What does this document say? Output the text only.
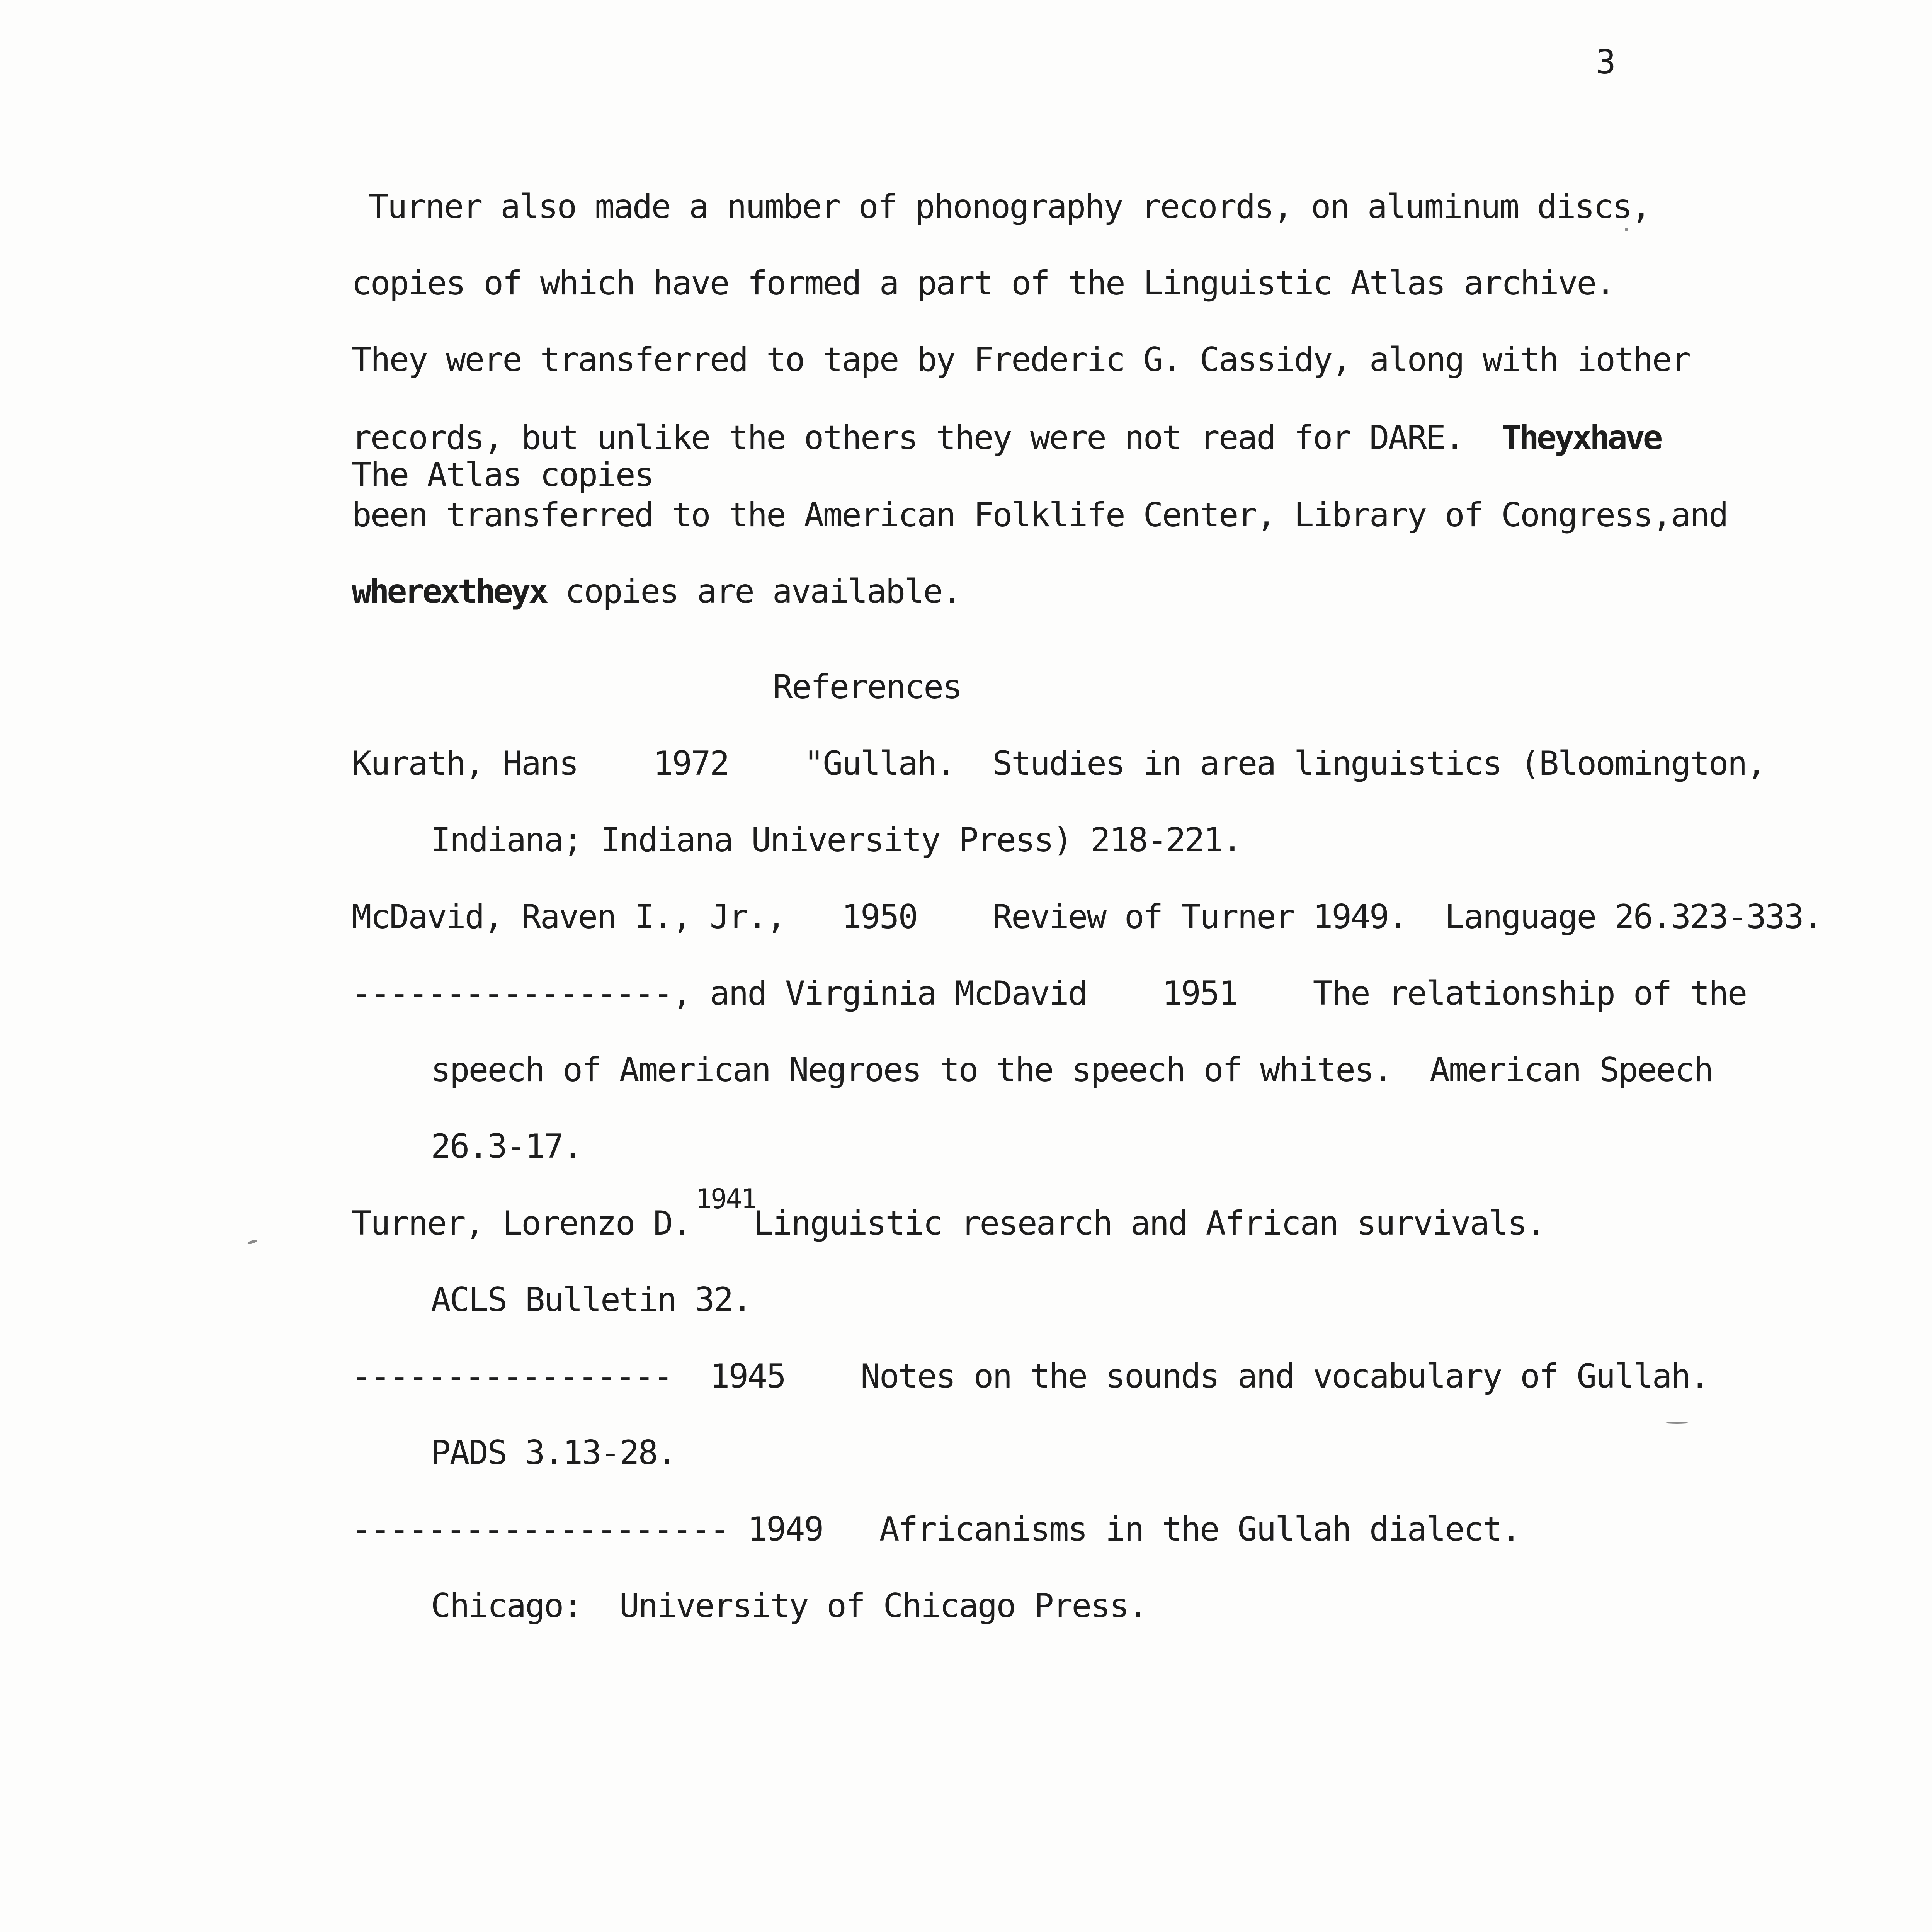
3
Turner also made a number of phonography records, on aluminum discs,
copies of which have formed a part of the Linguistic Atlas archive.
They were transferred to tape by Frederic G. Cassidy, along with iother
records, but unlike the others they were not read for DARE.  Theyxhave
The Atlas copies
been transferred to the American Folklife Center, Library of Congress,and
wherextheyx copies are available.
References
Kurath, Hans    1972    "Gullah.  Studies in area linguistics (Bloomington,
Indiana; Indiana University Press) 218-221.
McDavid, Raven I., Jr.,   1950    Review of Turner 1949.  Language 26.323-333.
-----------------, and Virginia McDavid    1951    The relationship of the
speech of American Negroes to the speech of whites.  American Speech
26.3-17.
Turner, Lorenzo D.
1941
Linguistic research and African survivals.
ACLS Bulletin 32.
-----------------  1945    Notes on the sounds and vocabulary of Gullah.
PADS 3.13-28.
-------------------- 1949   Africanisms in the Gullah dialect.
Chicago:  University of Chicago Press.
